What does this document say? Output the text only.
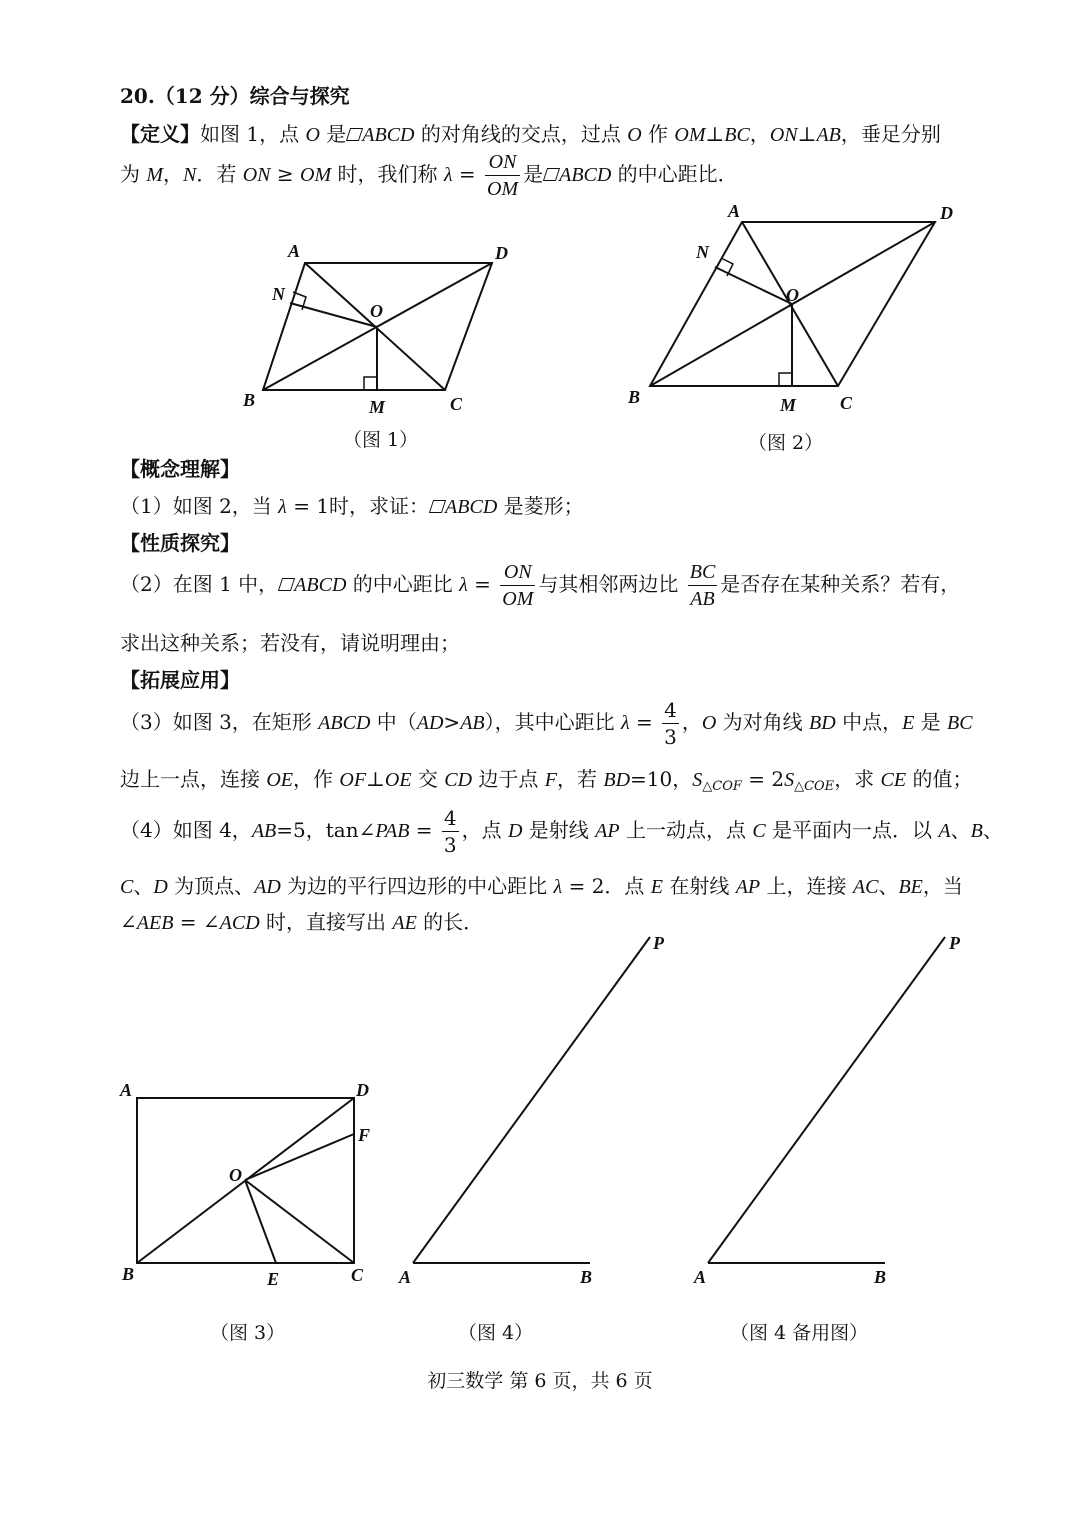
20.（12 分）综合与探究
【定义】如图 1，点 O 是 ABCD 的对角线的交点，过点 O 作 OM⊥BC，ON⊥AB，垂足分别
为 M，N．若 ON ≥ OM 时，我们称 $\lambda = \frac{ON}{OM}$ 是 ABCD 的中心距比．
A	D
N
O
B	M	C
（图 1）
A	D
N
O
B	M C
（图 2）
【概念理解】
（1）如图 2，当 λ = 1时，求证： ABCD 是菱形；
【性质探究】
（2）在图 1 中， ABCD 的中心距比 $\lambda = \frac{ON}{OM}$ 与其相邻两边比 $\frac{BC}{AB}$ 是否存在某种关系？若有，
求出这种关系；若没有，请说明理由；
【拓展应用】
（3）如图 3，在矩形 ABCD 中（AD>AB），其中心距比 $\lambda = \frac{4}{3}$ ，O 为对角线 BD 中点，E 是 BC
边上一点，连接 OE，作 OF⊥OE 交 CD 边于点 F，若 BD=10，$S_{\triangle COF} = 2S_{\triangle COE}$，求 CE 的值；
（4）如图 4，AB=5，tan∠PAB = $\frac{4}{3}$ ，点 D 是射线 AP 上一动点，点 C 是平面内一点．以 A、B、
C、D 为顶点、AD 为边的平行四边形的中心距比 λ = 2．点 E 在射线 AP 上，连接 AC、BE，当
∠AEB = ∠ACD 时，直接写出 AE 的长．
A	D
F
O
B	E	C
（图 3）
P
A	B
（图 4）
P
A	B
（图 4 备用图）
初三数学 第 6 页，共 6 页
